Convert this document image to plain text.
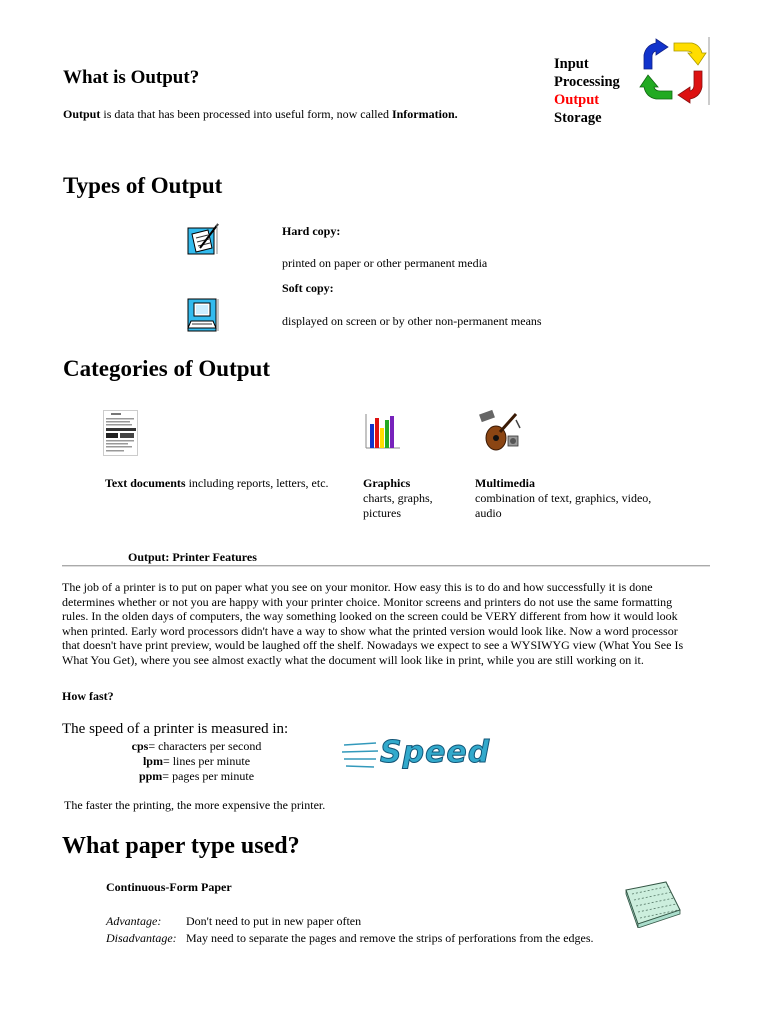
What is Output?
Output is data that has been processed into useful form, now called Information.
Input
Processing
Output
Storage
Types of Output
Hard copy:
printed on paper or other permanent media
Soft copy:
displayed on screen or by other non-permanent means
Categories of Output
Text documents including reports, letters, etc.	Graphics
charts, graphs,
pictures
Multimedia
combination of text, graphics, video,
audio
Output: Printer Features
The job of a printer is to put on paper what you see on your monitor. How easy this is to do and how successfully it is done
determines whether or not you are happy with your printer choice. Monitor screens and printers do not use the same formatting
rules. In the olden days of computers, the way something looked on the screen could be VERY different from how it would look
when printed. Early word processors didn't have a way to show what the printed version would look like. Now a word processor
that doesn't have print preview, would be laughed off the shelf. Nowadays we expect to see a WYSIWYG view (What You See Is
What You Get), where you see almost exactly what the document will look like in print, while you are still working on it.
How fast?
The speed of a printer is measured in:
cps= characters per second
lpm= lines per minute
ppm= pages per minute
Speed
The faster the printing, the more expensive the printer.
What paper type used?
Continuous-Form Paper
Advantage: Don't need to put in new paper often
Disadvantage: May need to separate the pages and remove the strips of perforations from the edges.
